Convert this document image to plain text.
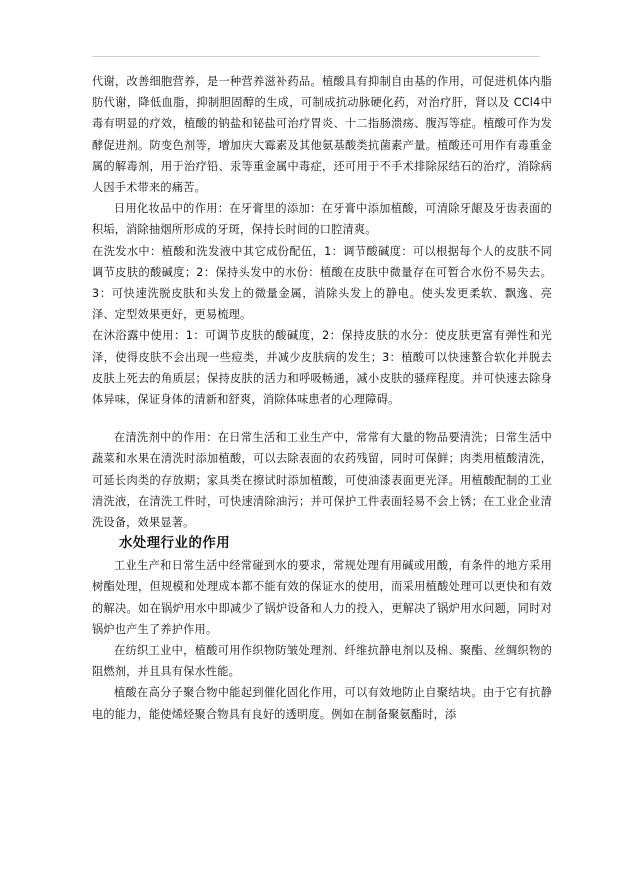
代谢，改善细胞营养，是一种营养滋补药品。植酸具有抑制自由基的作用，可促进机体内脂肪代谢，降低血脂，抑制胆固醇的生成，可制成抗动脉硬化药，对治疗肝，肾以及 CCl4中毒有明显的疗效，植酸的钠盐和铋盐可治疗胃炎、十二指肠溃疡、腹泻等症。植酸可作为发酵促进剂。防变色剂等，增加庆大霉素及其他氨基酸类抗菌素产量。植酸还可用作有毒重金属的解毒剂，用于治疗铅、汞等重金属中毒症，还可用于不手术排除尿结石的治疗，消除病人因手术带来的痛苦。

日用化妆品中的作用：在牙膏里的添加：在牙膏中添加植酸，可清除牙龈及牙齿表面的积垢，消除抽烟所形成的牙斑，保持长时间的口腔清爽。

在洗发水中：植酸和洗发液中其它成份配伍，1：调节酸碱度：可以根据每个人的皮肤不同调节皮肤的酸碱度；2：保持头发中的水份：植酸在皮肤中微量存在可暂合水份不易失去。3：可快速洗脱皮肤和头发上的微量金属，消除头发上的静电。使头发更柔软、飘逸、亮泽、定型效果更好，更易梳理。

在沐浴露中使用：1：可调节皮肤的酸碱度，2：保持皮肤的水分：使皮肤更富有弹性和光泽，使得皮肤不会出现一些痘类，并减少皮肤病的发生；3：植酸可以快速螯合软化并脱去皮肤上死去的角质层；保持皮肤的活力和呼吸畅通，减小皮肤的骚痒程度。并可快速去除身体异味，保证身体的清新和舒爽，消除体味患者的心理障碍。

在清洗剂中的作用：在日常生活和工业生产中，常常有大量的物品要清洗；日常生活中蔬菜和水果在清洗时添加植酸，可以去除表面的农药残留，同时可保鲜；肉类用植酸清洗，可延长肉类的存放期；家具类在擦试时添加植酸，可使油漆表面更光泽。用植酸配制的工业清洗液，在清洗工件时，可快速清除油污；并可保护工件表面轻易不会上锈；在工业企业清洗设备，效果显著。

水处理行业的作用

工业生产和日常生活中经常碰到水的要求，常规处理有用碱或用酸，有条件的地方采用树酯处理，但规模和处理成本都不能有效的保证水的使用，而采用植酸处理可以更快和有效的解决。如在锅炉用水中即减少了锅炉设备和人力的投入，更解决了锅炉用水问题，同时对锅炉也产生了养护作用。

在纺织工业中，植酸可用作织物防皱处理剂、纤维抗静电剂以及棉、聚酯、丝绸织物的阻燃剂，并且具有保水性能。

植酸在高分子聚合物中能起到催化固化作用，可以有效地防止自聚结块。由于它有抗静电的能力，能使烯烃聚合物具有良好的透明度。例如在制备聚氨酯时，添
